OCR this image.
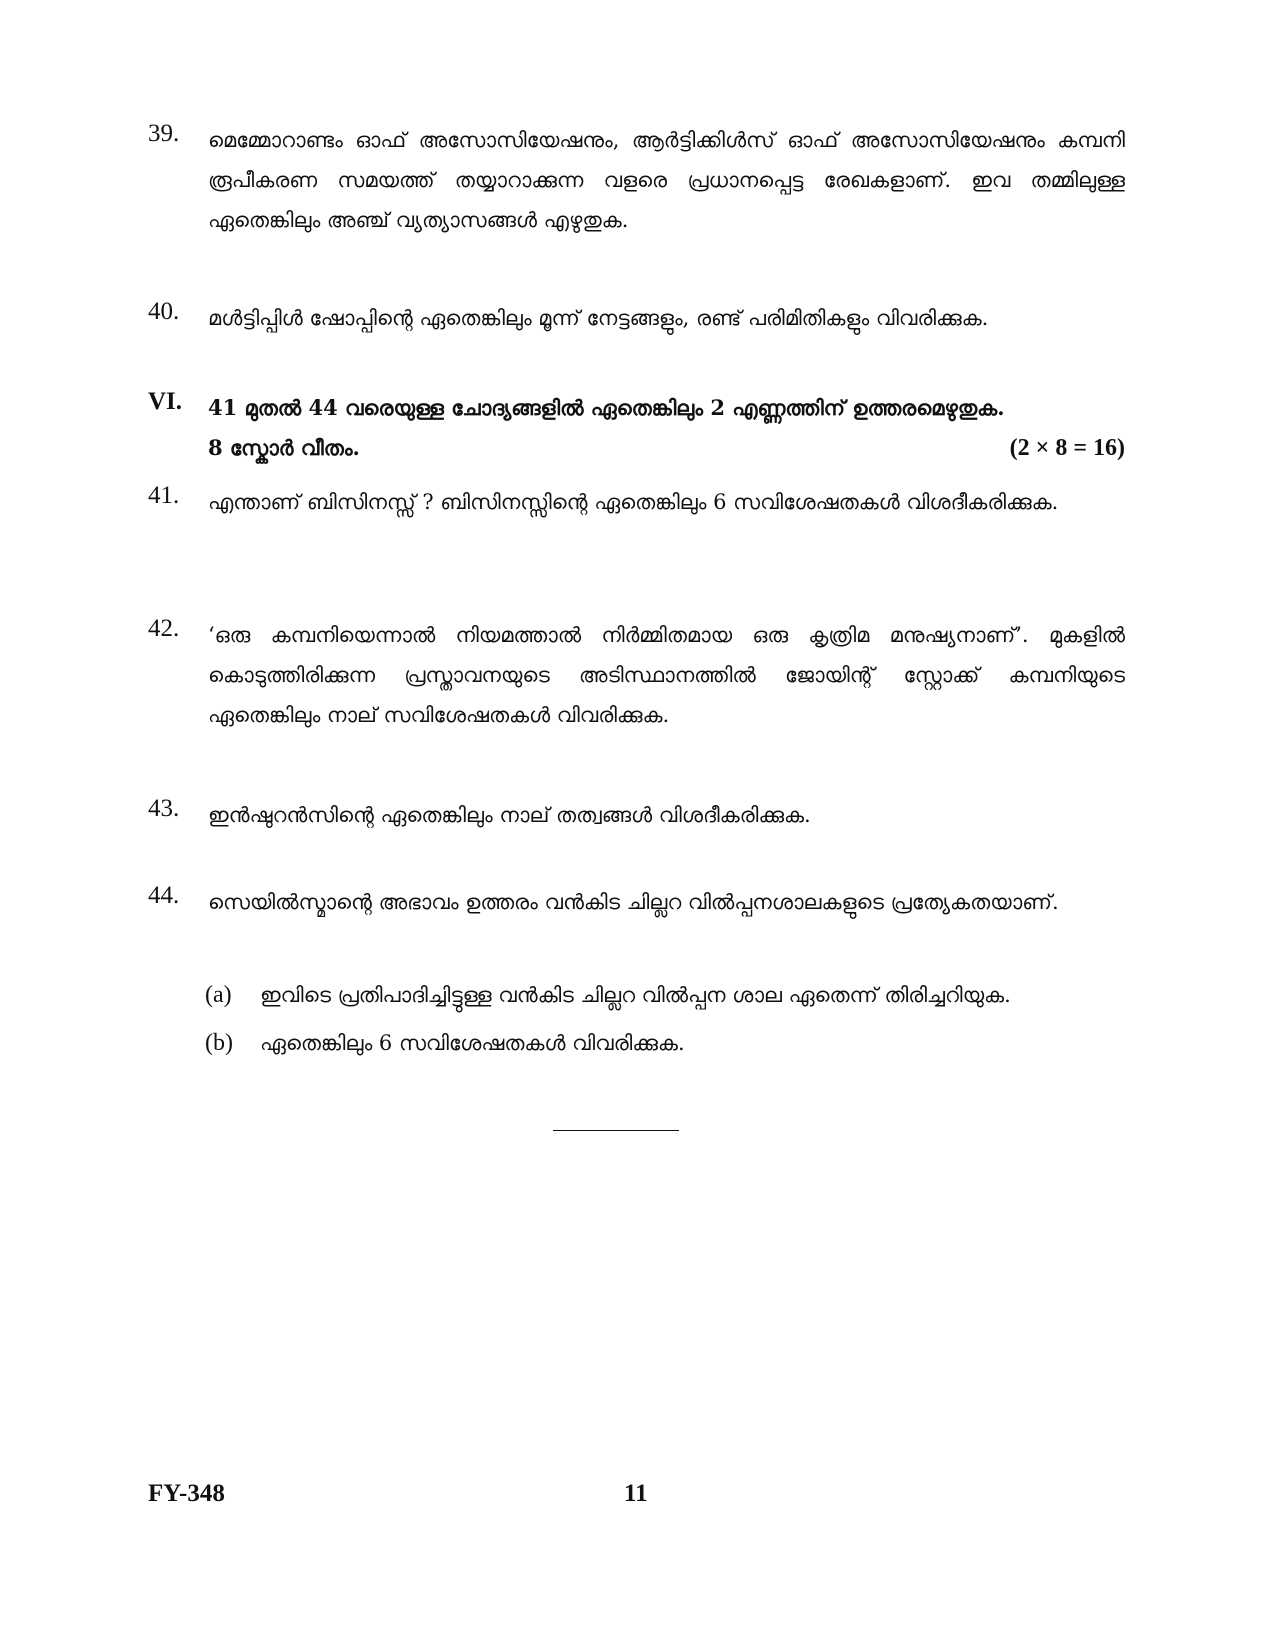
39. മെമ്മോറാണ്ടം ഓഫ് അസോസിയേഷനും, ആർട്ടിക്കിൾസ് ഓഫ് അസോസിയേഷനും കമ്പനി രൂപീകരണ സമയത്ത് തയ്യാറാക്കുന്ന വളരെ പ്രധാനപ്പെട്ട രേഖകളാണ്. ഇവ തമ്മിലുള്ള ഏതെങ്കിലും അഞ്ച് വ്യത്യാസങ്ങൾ എഴുതുക.
40. മൾട്ടിപ്പിൾ ഷോപ്പിന്റെ ഏതെങ്കിലും മൂന്ന് നേട്ടങ്ങളും, രണ്ട് പരിമിതികളും വിവരിക്കുക.
VI. 41 മുതൽ 44 വരെയുള്ള ചോദ്യങ്ങളിൽ ഏതെങ്കിലും 2 എണ്ണത്തിന് ഉത്തരമെഴുതുക.
8 സ്കോർ വീതം.	(2 × 8 = 16)
41. എന്താണ് ബിസിനസ്സ് ? ബിസിനസ്സിന്റെ ഏതെങ്കിലും 6 സവിശേഷതകൾ വിശദീകരിക്കുക.
42. ‘ഒരു കമ്പനിയെന്നാൽ നിയമത്താൽ നിർമ്മിതമായ ഒരു കൃത്രിമ മനുഷ്യനാണ്’. മുകളിൽ കൊടുത്തിരിക്കുന്ന പ്രസ്താവനയുടെ അടിസ്ഥാനത്തിൽ ജോയിന്റ് സ്റ്റോക്ക് കമ്പനിയുടെ ഏതെങ്കിലും നാല് സവിശേഷതകൾ വിവരിക്കുക.
43. ഇൻഷുറൻസിന്റെ ഏതെങ്കിലും നാല് തത്വങ്ങൾ വിശദീകരിക്കുക.
44. സെയിൽസ്മാന്റെ അഭാവം ഉത്തരം വൻകിട ചില്ലറ വിൽപ്പനശാലകളുടെ പ്രത്യേകതയാണ്.
(a) ഇവിടെ പ്രതിപാദിച്ചിട്ടുള്ള വൻകിട ചില്ലറ വിൽപ്പന ശാല ഏതെന്ന് തിരിച്ചറിയുക.
(b) ഏതെങ്കിലും 6 സവിശേഷതകൾ വിവരിക്കുക.
FY-348	11
